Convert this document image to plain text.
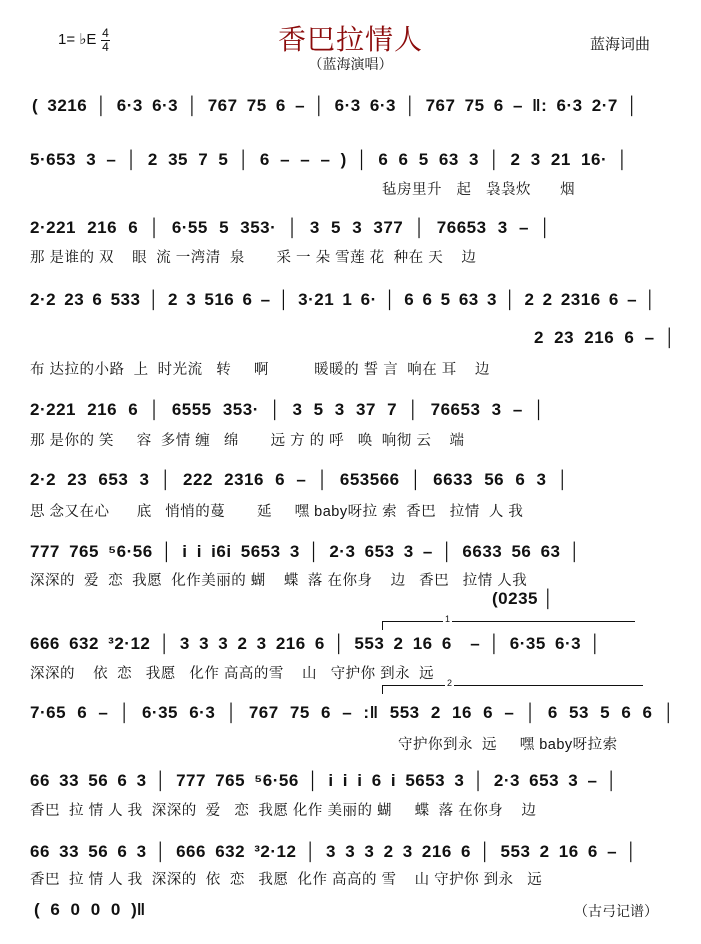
1= ♭E 4
4	香巴拉情人
（蓝海演唱）
蓝海词曲
( 3216 │ 6·3 6·3 │ 767 75 6 – │ 6·3 6·3 │ 767 75 6 – ‖: 6·3 2·7 │
5·653 3 – │ 2 35 7 5 │ 6 – – – ) │ 6 6 5 63 3 │ 2 3 21 16· │
毡房里升 起 袅袅炊  烟
2·221 216 6 │ 6·55 5 353· │ 3 5 3 377 │ 76653 3 – │
那 是谁的 双    眼  流 一湾清  泉       采 一 朵 雪莲 花  种在 天    边
2·2 23 6 533 │ 2 3 516 6 – │ 3·21 1 6· │ 6 6 5 63 3 │ 2 2 2316 6 – │
2 23 216 6 – │
布 达拉的小路  上  时光流   转     啊          暖暖的 誓 言  响在 耳    边
2·221 216 6 │ 6555 353· │ 3 5 3 37 7 │ 76653 3 – │
那 是你的 笑     容  多情 缠   绵       远 方 的 呼   唤  响彻 云    端
2·2 23 653 3 │ 222 2316 6 – │ 653566 │ 6633 56 6 3 │
思 念又在心      底   悄悄的蔓       延     嘿 baby呀拉 索  香巴   拉情  人 我
777 765 ⁵6·56 │ i i i6i 5653 3 │ 2·3 653 3 – │ 6633 56 63 │
深深的  爱  恋  我愿  化作美丽的 蝴    蝶  落 在你身    边   香巴   拉情 人我
(0235 │
1
666 632 ³2·12 │ 3 3 3 2 3 216 6 │ 553 2 16 6  – │ 6·35 6·3 │
深深的    依  恋   我愿   化作 高高的雪    山   守护你 到永  远
2
7·65 6 – │ 6·35 6·3 │ 767 75 6 – :‖ 553 2 16 6 – │ 6 53 5 6 6 │
守护你到永  远     嘿 baby呀拉索
66 33 56 6 3 │ 777 765 ⁵6·56 │ i i i 6 i 5653 3 │ 2·3 653 3 – │
香巴  拉 情 人 我  深深的  爱   恋  我愿 化作 美丽的 蝴     蝶  落 在你身    边
66 33 56 6 3 │ 666 632 ³2·12 │ 3 3 3 2 3 216 6 │ 553 2 16 6 – │
香巴  拉 情 人 我  深深的  依  恋   我愿  化作 高高的 雪    山 守护你 到永   远
( 6 0 0 0 )‖	（古弓记谱）
